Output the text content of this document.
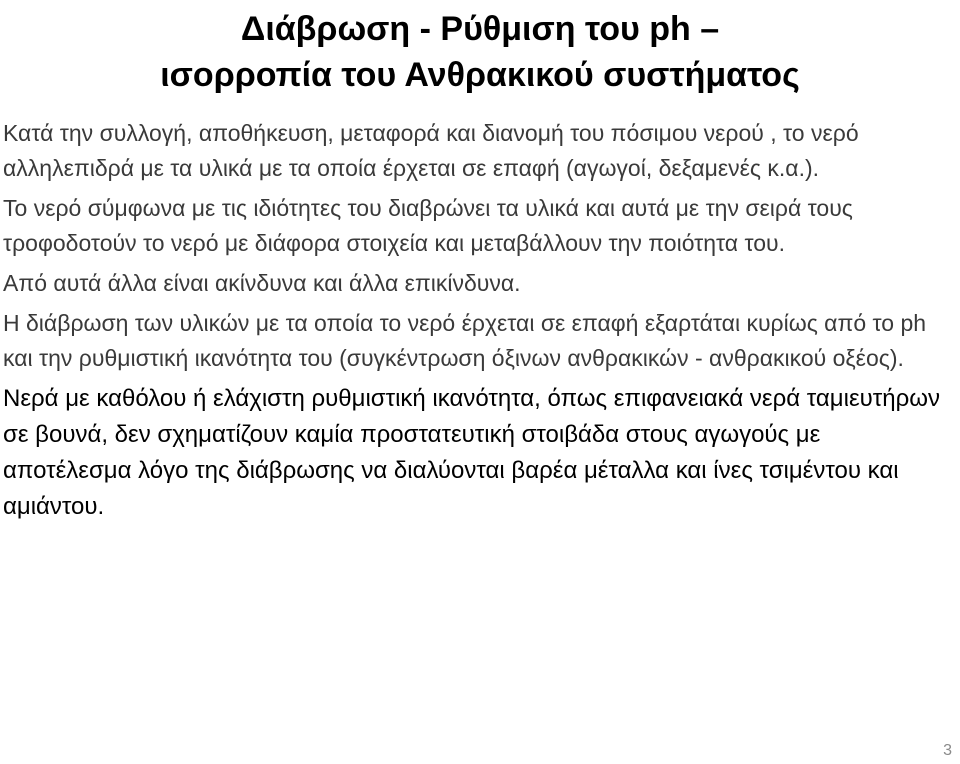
Διάβρωση - Ρύθμιση του ph –
ισορροπία του Ανθρακικού συστήματος

Κατά την συλλογή, αποθήκευση, μεταφορά και διανομή του πόσιμου νερού , το νερό αλληλεπιδρά με τα υλικά με τα οποία έρχεται σε επαφή (αγωγοί, δεξαμενές κ.α.).

Το νερό σύμφωνα με τις ιδιότητες του διαβρώνει τα υλικά και αυτά με την σειρά τους τροφοδοτούν το νερό με διάφορα στοιχεία και μεταβάλλουν την ποιότητα του.

Από αυτά άλλα είναι ακίνδυνα και άλλα επικίνδυνα.

Η διάβρωση των υλικών με τα οποία το νερό έρχεται σε επαφή εξαρτάται κυρίως από το ph και την ρυθμιστική ικανότητα του (συγκέντρωση όξινων ανθρακικών - ανθρακικού οξέος).

Νερά με καθόλου ή ελάχιστη ρυθμιστική ικανότητα, όπως επιφανειακά νερά ταμιευτήρων σε βουνά, δεν σχηματίζουν καμία προστατευτική στοιβάδα στους αγωγούς με αποτέλεσμα λόγο της διάβρωσης να διαλύονται βαρέα μέταλλα και ίνες τσιμέντου και αμιάντου.

3
